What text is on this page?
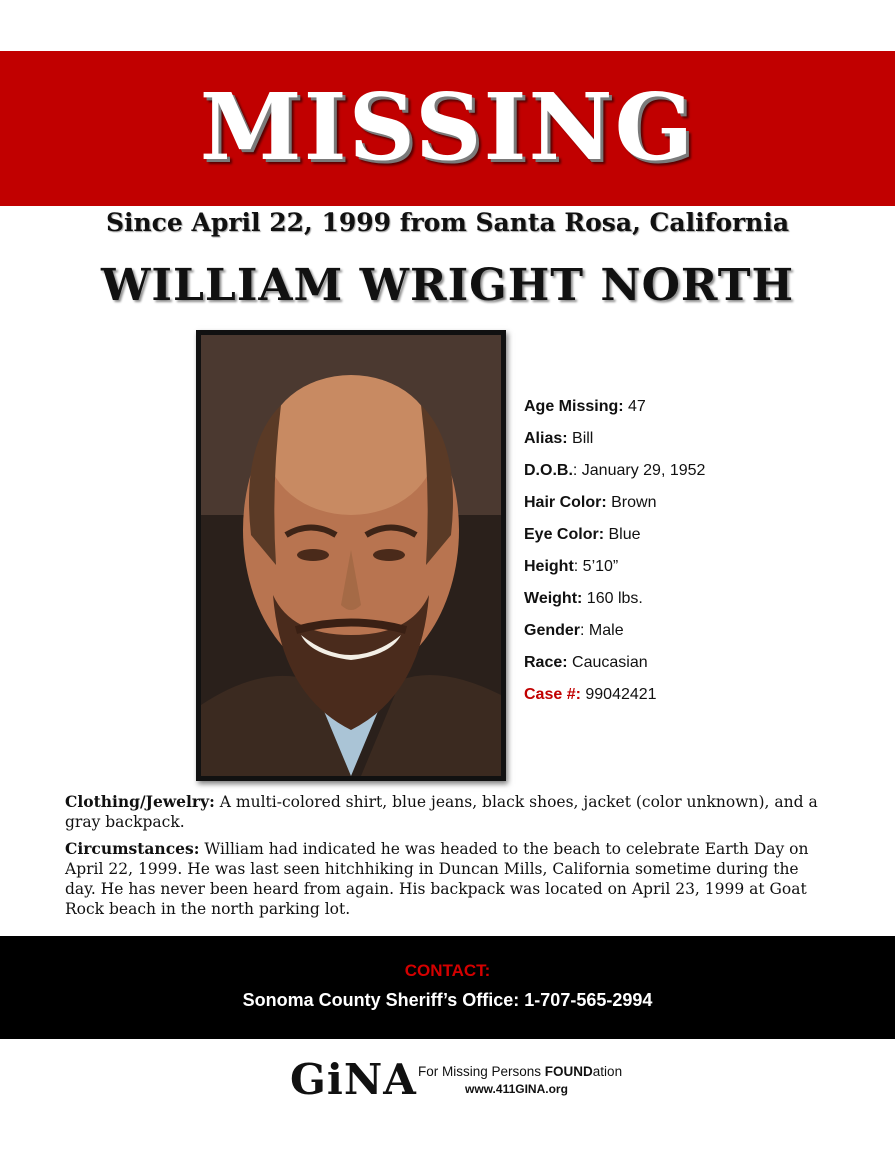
MISSING
Since April 22, 1999 from Santa Rosa, California
WILLIAM WRIGHT NORTH
Age Missing: 47
Alias: Bill
D.O.B.: January 29, 1952
Hair Color: Brown
Eye Color: Blue
Height: 5’10”
Weight: 160 lbs.
Gender: Male
Race: Caucasian
Case #: 99042421
Clothing/Jewelry: A multi-colored shirt, blue jeans, black shoes, jacket (color unknown), and a gray backpack.
Circumstances: William had indicated he was headed to the beach to celebrate Earth Day on April 22, 1999. He was last seen hitchhiking in Duncan Mills, California sometime during the day. He has never been heard from again. His backpack was located on April 23, 1999 at Goat Rock beach in the north parking lot.
CONTACT:
Sonoma County Sheriff’s Office: 1-707-565-2994
GiNA For Missing Persons FOUNDation
www.411GINA.org
